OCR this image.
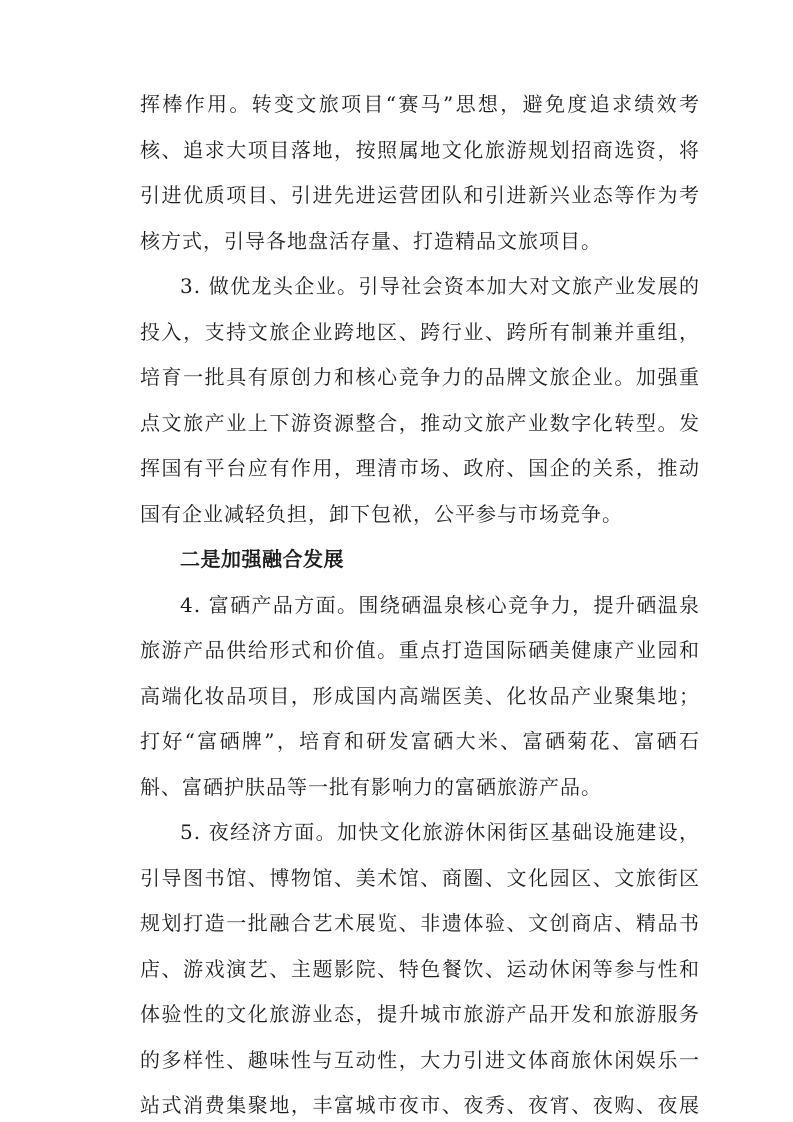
挥棒作用。转变文旅项目“赛马”思想，避免度追求绩效考
核、追求大项目落地，按照属地文化旅游规划招商选资，将
引进优质项目、引进先进运营团队和引进新兴业态等作为考
核方式，引导各地盘活存量、打造精品文旅项目。
3. 做优龙头企业。引导社会资本加大对文旅产业发展的
投入，支持文旅企业跨地区、跨行业、跨所有制兼并重组，
培育一批具有原创力和核心竞争力的品牌文旅企业。加强重
点文旅产业上下游资源整合，推动文旅产业数字化转型。发
挥国有平台应有作用，理清市场、政府、国企的关系，推动
国有企业减轻负担，卸下包袱，公平参与市场竞争。
二是加强融合发展
4. 富硒产品方面。围绕硒温泉核心竞争力，提升硒温泉
旅游产品供给形式和价值。重点打造国际硒美健康产业园和
高端化妆品项目，形成国内高端医美、化妆品产业聚集地；
打好“富硒牌”，培育和研发富硒大米、富硒菊花、富硒石
斛、富硒护肤品等一批有影响力的富硒旅游产品。
5. 夜经济方面。加快文化旅游休闲街区基础设施建设，
引导图书馆、博物馆、美术馆、商圈、文化园区、文旅街区
规划打造一批融合艺术展览、非遗体验、文创商店、精品书
店、游戏演艺、主题影院、特色餐饮、运动休闲等参与性和
体验性的文化旅游业态，提升城市旅游产品开发和旅游服务
的多样性、趣味性与互动性，大力引进文体商旅休闲娱乐一
站式消费集聚地，丰富城市夜市、夜秀、夜宵、夜购、夜展
